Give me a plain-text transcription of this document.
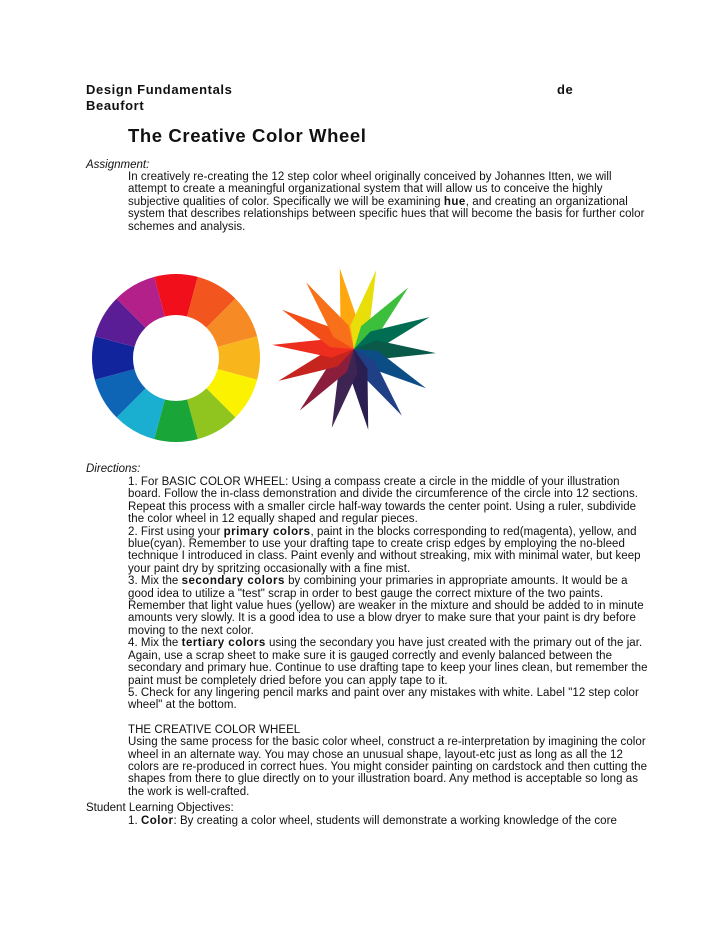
Design Fundamentals	de
Beaufort
The Creative Color Wheel
Assignment:
In creatively re-creating the 12 step color wheel originally conceived by Johannes Itten, we will attempt to create a meaningful organizational system that will allow us to conceive the highly subjective qualities of color. Specifically we will be examining hue, and creating an organizational system that describes relationships between specific hues that will become the basis for further color schemes and analysis.
Directions:

1. For BASIC COLOR WHEEL: Using a compass create a circle in the middle of your illustration board. Follow the in-class demonstration and divide the circumference of the circle into 12 sections. Repeat this process with a smaller circle half-way towards the center point. Using a ruler, subdivide the color wheel in 12 equally shaped and regular pieces.

2. First using your primary colors, paint in the blocks corresponding to red(magenta), yellow, and blue(cyan). Remember to use your drafting tape to create crisp edges by employing the no-bleed technique I introduced in class. Paint evenly and without streaking, mix with minimal water, but keep your paint dry by spritzing occasionally with a fine mist.

3. Mix the secondary colors by combining your primaries in appropriate amounts. It would be a good idea to utilize a "test" scrap in order to best gauge the correct mixture of the two paints. Remember that light value hues (yellow) are weaker in the mixture and should be added to in minute amounts very slowly. It is a good idea to use a blow dryer to make sure that your paint is dry before moving to the next color.

4. Mix the tertiary colors using the secondary you have just created with the primary out of the jar. Again, use a scrap sheet to make sure it is gauged correctly and evenly balanced between the secondary and primary hue. Continue to use drafting tape to keep your lines clean, but remember the paint must be completely dried before you can apply tape to it.

5. Check for any lingering pencil marks and paint over any mistakes with white. Label "12 step color wheel" at the bottom.

THE CREATIVE COLOR WHEEL

Using the same process for the basic color wheel, construct a re-interpretation by imagining the color wheel in an alternate way. You may chose an unusual shape, layout-etc just as long as all the 12 colors are re-produced in correct hues. You might consider painting on cardstock and then cutting the shapes from there to glue directly on to your illustration board. Any method is acceptable so long as the work is well-crafted.

Student Learning Objectives:
1. Color: By creating a color wheel, students will demonstrate a working knowledge of the core
